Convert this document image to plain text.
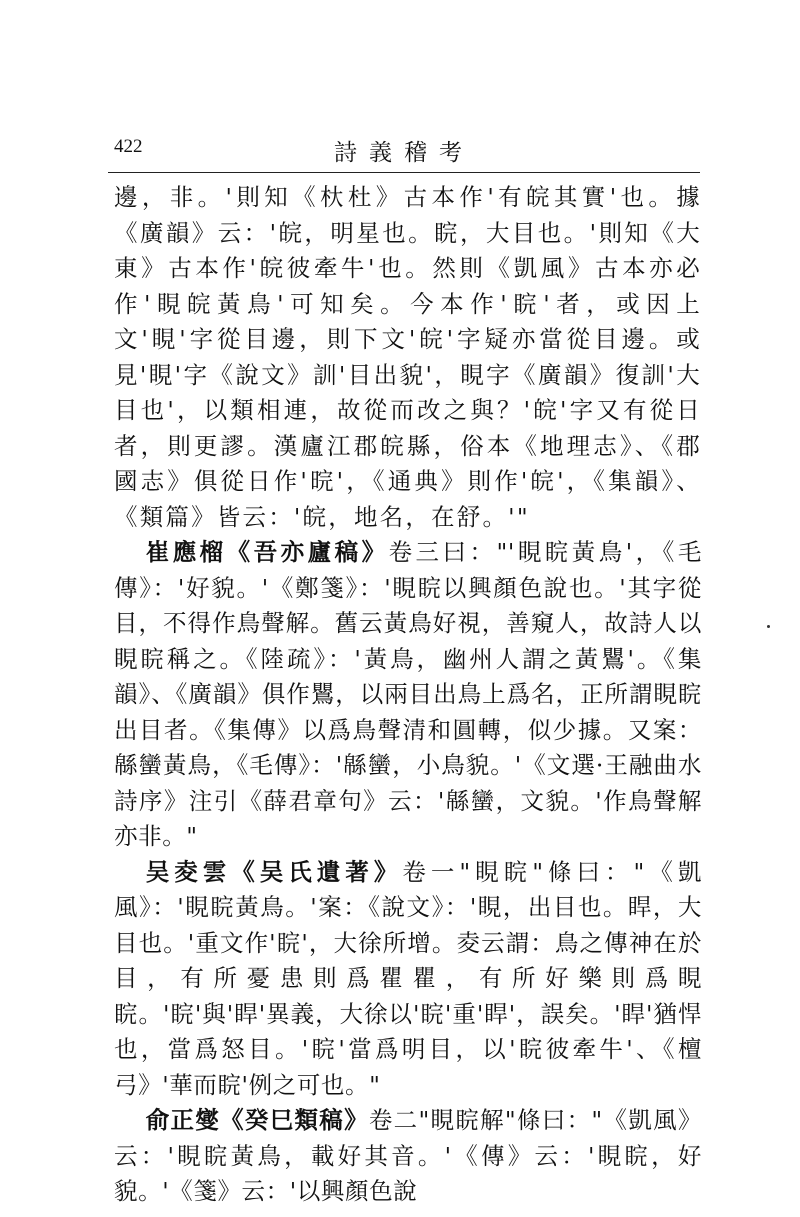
422	詩義稽考

邊，非。'則知《杕杜》古本作'有皖其實'也。據《廣韻》云：'皖，明星也。睆，大目也。'則知《大東》古本作'皖彼牽牛'也。然則《凱風》古本亦必作'睍皖黃鳥'可知矣。今本作'睆'者，或因上文'睍'字從目邊，則下文'皖'字疑亦當從目邊。或見'睍'字《說文》訓'目出貌'，睍字《廣韻》復訓'大目也'，以類相連，故從而改之與？'皖'字又有從日者，則更謬。漢廬江郡皖縣，俗本《地理志》、《郡國志》俱從日作'晥'，《通典》則作'皖'，《集韻》、《類篇》皆云：'皖，地名，在舒。'"

崔應榴《吾亦廬稿》卷三曰："'睍睆黃鳥'，《毛傳》：'好貌。'《鄭箋》：'睍睆以興顏色說也。'其字從目，不得作鳥聲解。舊云黃鳥好視，善窺人，故詩人以睍睆稱之。《陸疏》：'黃鳥，幽州人謂之黃鸎'。《集韻》、《廣韻》俱作鸎，以兩目出鳥上爲名，正所謂睍睆出目者。《集傳》以爲鳥聲清和圓轉，似少據。又案：緜蠻黃鳥，《毛傳》：'緜蠻，小鳥貌。'《文選·王融曲水詩序》注引《薛君章句》云：'緜蠻，文貌。'作鳥聲解亦非。"

吴夌雲《吴氏遺著》卷一"睍睆"條曰："《凱風》：'睍睆黃鳥。'案：《說文》：'睍，出目也。睅，大目也。'重文作'睆'，大徐所增。夌云謂：鳥之傳神在於目，有所憂患則爲瞿瞿，有所好樂則爲睍睆。'睆'與'睅'異義，大徐以'睆'重'睅'，誤矣。'睅'猶悍也，當爲怒目。'睆'當爲明目，以'睆彼牽牛'、《檀弓》'華而睆'例之可也。"

俞正燮《癸巳類稿》卷二"睍睆解"條曰："《凱風》云：'睍睆黃鳥，載好其音。'《傳》云：'睍睆，好貌。'《箋》云：'以興顏色說
